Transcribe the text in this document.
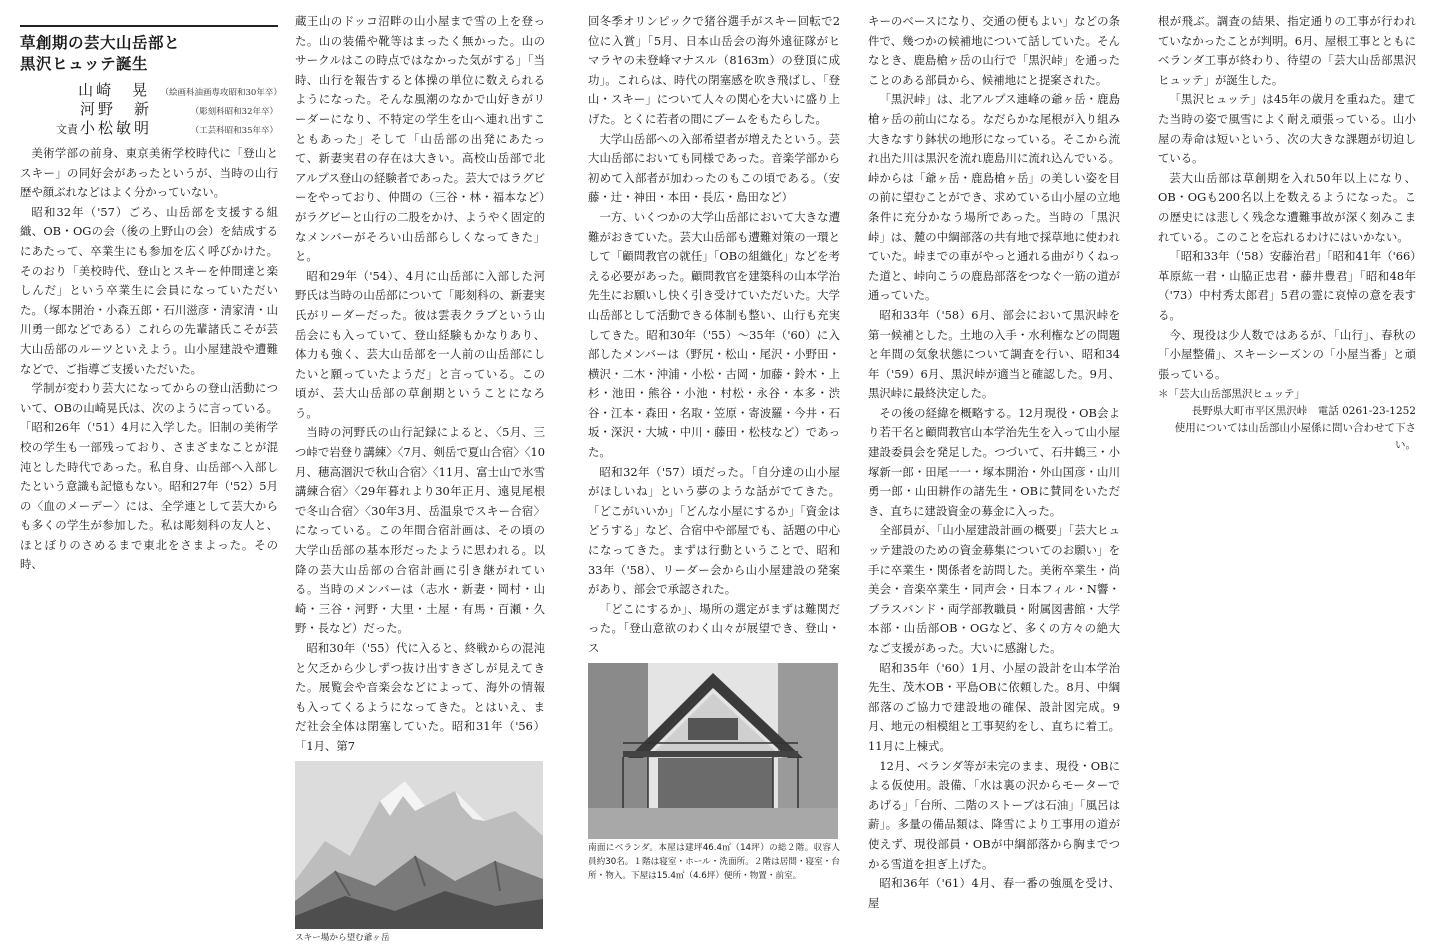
草創期の芸大山岳部と
黒沢ヒュッテ誕生
山崎　晃	（絵画科油画専攻昭和30年卒）
河野　新	（彫刻科昭和32年卒）
文責 小松敏明	（工芸科昭和35年卒）

美術学部の前身、東京美術学校時代に「登山とスキー」の同好会があったというが、当時の山行歴や顔ぶれなどはよく分かっていない。

昭和32年（'57）ごろ、山岳部を支援する組織、OB・OGの会（後の上野山の会）を結成するにあたって、卒業生にも参加を広く呼びかけた。そのおり「美校時代、登山とスキーを仲間達と楽しんだ」という卒業生に会員になっていただいた。（塚本開治・小森五郎・石川滋彦・清家清・山川勇一郎などである）これらの先輩諸氏こそが芸大山岳部のルーツといえよう。山小屋建設や遭難などで、ご指導ご支援いただいた。

学制が変わり芸大になってからの登山活動について、OBの山崎晃氏は、次のように言っている。「昭和26年（'51）4月に入学した。旧制の美術学校の学生も一部残っており、さまざまなことが混沌とした時代であった。私自身、山岳部へ入部したという意識も記憶もない。昭和27年（'52）5月の〈血のメーデー〉には、全学連として芸大からも多くの学生が参加した。私は彫刻科の友人と、ほとぼりのさめるまで東北をさまよった。その時、

蔵王山のドッコ沼畔の山小屋まで雪の上を登った。山の装備や靴等はまったく無かった。山のサークルはこの時点ではなかった気がする」「当時、山行を報告すると体操の単位に数えられるようになった。そんな風潮のなかで山好きがリーダーになり、不特定の学生を山へ連れ出すこともあった」そして「山岳部の出発にあたって、新妻実君の存在は大きい。高校山岳部で北アルプス登山の経験者であった。芸大ではラグビーをやっており、仲間の（三谷・林・福本など）がラグビーと山行の二股をかけ、ようやく固定的なメンバーがそろい山岳部らしくなってきた」と。

昭和29年（'54）、4月に山岳部に入部した河野氏は当時の山岳部について「彫刻科の、新妻実氏がリーダーだった。彼は雲表クラブという山岳会にも入っていて、登山経験もかなりあり、体力も強く、芸大山岳部を一人前の山岳部にしたいと願っていたようだ」と言っている。この頃が、芸大山岳部の草創期ということになろう。

当時の河野氏の山行記録によると、〈5月、三つ峠で岩登り講練〉〈7月、剣岳で夏山合宿〉〈10月、穂高涸沢で秋山合宿〉〈11月、富士山で氷雪講練合宿〉〈29年暮れより30年正月、遠見尾根で冬山合宿〉〈30年3月、岳温泉でスキー合宿〉になっている。この年間合宿計画は、その頃の大学山岳部の基本形だったように思われる。以降の芸大山岳部の合宿計画に引き継がれている。当時のメンバーは（志水・新妻・岡村・山崎・三谷・河野・大里・土屋・有馬・百瀬・久野・長など）だった。

昭和30年（'55）代に入ると、終戦からの混沌と欠乏から少しずつ抜け出すきざしが見えてきた。展覧会や音楽会などによって、海外の情報も入ってくるようになってきた。とはいえ、まだ社会全体は閉塞していた。昭和31年（'56）「1月、第7

スキー場から望む爺ヶ岳

回冬季オリンピックで猪谷選手がスキー回転で2位に入賞」「5月、日本山岳会の海外遠征隊がヒマラヤの未登峰マナスル（8163m）の登頂に成功」。これらは、時代の閉塞感を吹き飛ばし、「登山・スキー」について人々の関心を大いに盛り上げた。とくに若者の間にブームをもたらした。

大学山岳部への入部希望者が増えたという。芸大山岳部においても同様であった。音楽学部から初めて入部者が加わったのもこの頃である。（安藤・辻・神田・本田・長広・島田など）

一方、いくつかの大学山岳部において大きな遭難がおきていた。芸大山岳部も遭難対策の一環として「顧問教官の就任」「OBの組織化」などを考える必要があった。顧問教官を建築科の山本学治先生にお願いし快く引き受けていただいた。大学山岳部として活動できる体制も整い、山行も充実してきた。昭和30年（'55）～35年（'60）に入部したメンバーは（野尻・松山・尾沢・小野田・横沢・二木・沖浦・小松・古岡・加藤・鈴木・上杉・池田・熊谷・小池・村松・永谷・本多・渋谷・江本・森田・名取・笠原・寄波羅・今井・石坂・深沢・大城・中川・藤田・松枝など）であった。

昭和32年（'57）頃だった。「自分達の山小屋がほしいね」という夢のような話がでてきた。「どこがいいか」「どんな小屋にするか」「資金はどうする」など、合宿中や部屋でも、話題の中心になってきた。まずは行動ということで、昭和33年（'58）、リーダー会から山小屋建設の発案があり、部会で承認された。

「どこにするか」、場所の選定がまずは難関だった。「登山意欲のわく山々が展望でき、登山・ス

南面にベランダ。本屋は建坪46.4㎡（14坪）の総２階。収容人員約30名。１階は寝室・ホール・洗面所。２階は居間・寝室・台所・物入。下屋は15.4㎡（4.6坪）便所・物置・前室。

キーのベースになり、交通の便もよい」などの条件で、幾つかの候補地について話していた。そんなとき、鹿島槍ヶ岳の山行で「黒沢峠」を通ったことのある部員から、候補地にと提案された。

「黒沢峠」は、北アルプス連峰の爺ヶ岳・鹿島槍ヶ岳の前山になる。なだらかな尾根が入り組み大きなすり鉢状の地形になっている。そこから流れ出た川は黒沢を流れ鹿島川に流れ込んでいる。峠からは「爺ヶ岳・鹿島槍ヶ岳」の美しい姿を目の前に望むことができ、求めている山小屋の立地条件に充分かなう場所であった。当時の「黒沢峠」は、麓の中綱部落の共有地で採草地に使われていた。峠までの車がやっと通れる曲がりくねった道と、峠向こうの鹿島部落をつなぐ一筋の道が通っていた。

昭和33年（'58）6月、部会において黒沢峠を第一候補とした。土地の入手・水利権などの問題と年間の気象状態について調査を行い、昭和34年（'59）6月、黒沢峠が適当と確認した。9月、黒沢峠に最終決定した。

その後の経緯を概略する。12月現役・OB会より若干名と顧問教官山本学治先生を入って山小屋建設委員会を発足した。つづいて、石井鶴三・小塚新一郎・田尾一一・塚本開治・外山国彦・山川勇一郎・山田耕作の諸先生・OBに賛同をいただき、直ちに建設資金の募金に入った。

全部員が、「山小屋建設計画の概要」「芸大ヒュッテ建設のための資金募集についてのお願い」を手に卒業生・関係者を訪問した。美術卒業生・尚美会・音楽卒業生・同声会・日本フィル・N響・ブラスバンド・両学部教職員・附属図書館・大学本部・山岳部OB・OGなど、多くの方々の絶大なご支援があった。大いに感謝した。

昭和35年（'60）1月、小屋の設計を山本学治先生、茂木OB・平島OBに依頼した。8月、中綱部落のご協力で建設地の確保、設計図完成。9月、地元の相模組と工事契約をし、直ちに着工。11月に上棟式。

12月、ベランダ等が未完のまま、現役・OBによる仮使用。設備、「水は裏の沢からモーターであげる」「台所、二階のストーブは石油」「風呂は薪」。多量の備品類は、降雪により工事用の道が使えず、現役部員・OBが中綱部落から胸までつかる雪道を担ぎ上げた。

昭和36年（'61）4月、春一番の強風を受け、屋

根が飛ぶ。調査の結果、指定通りの工事が行われていなかったことが判明。6月、屋根工事とともにベランダ工事が終わり、待望の「芸大山岳部黒沢ヒュッテ」が誕生した。

「黒沢ヒュッテ」は45年の歳月を重ねた。建てた当時の姿で風雪によく耐え頑張っている。山小屋の寿命は短いという、次の大きな課題が切迫している。

芸大山岳部は草創期を入れ50年以上になり、OB・OGも200名以上を数えるようになった。この歴史には悲しく残念な遭難事故が深く刻みこまれている。このことを忘れるわけにはいかない。

「昭和33年（'58）安藤治君」「昭和41年（'66）革原紘一君・山脇正忠君・藤井豊君」「昭和48年（'73）中村秀太郎君」5君の霊に哀悼の意を表する。

今、現役は少人数ではあるが、「山行」、春秋の「小屋整備」、スキーシーズンの「小屋当番」と頑張っている。

＊「芸大山岳部黒沢ヒュッテ」
長野県大町市平区黒沢峠　電話 0261-23-1252
使用については山岳部山小屋係に問い合わせて下さい。
